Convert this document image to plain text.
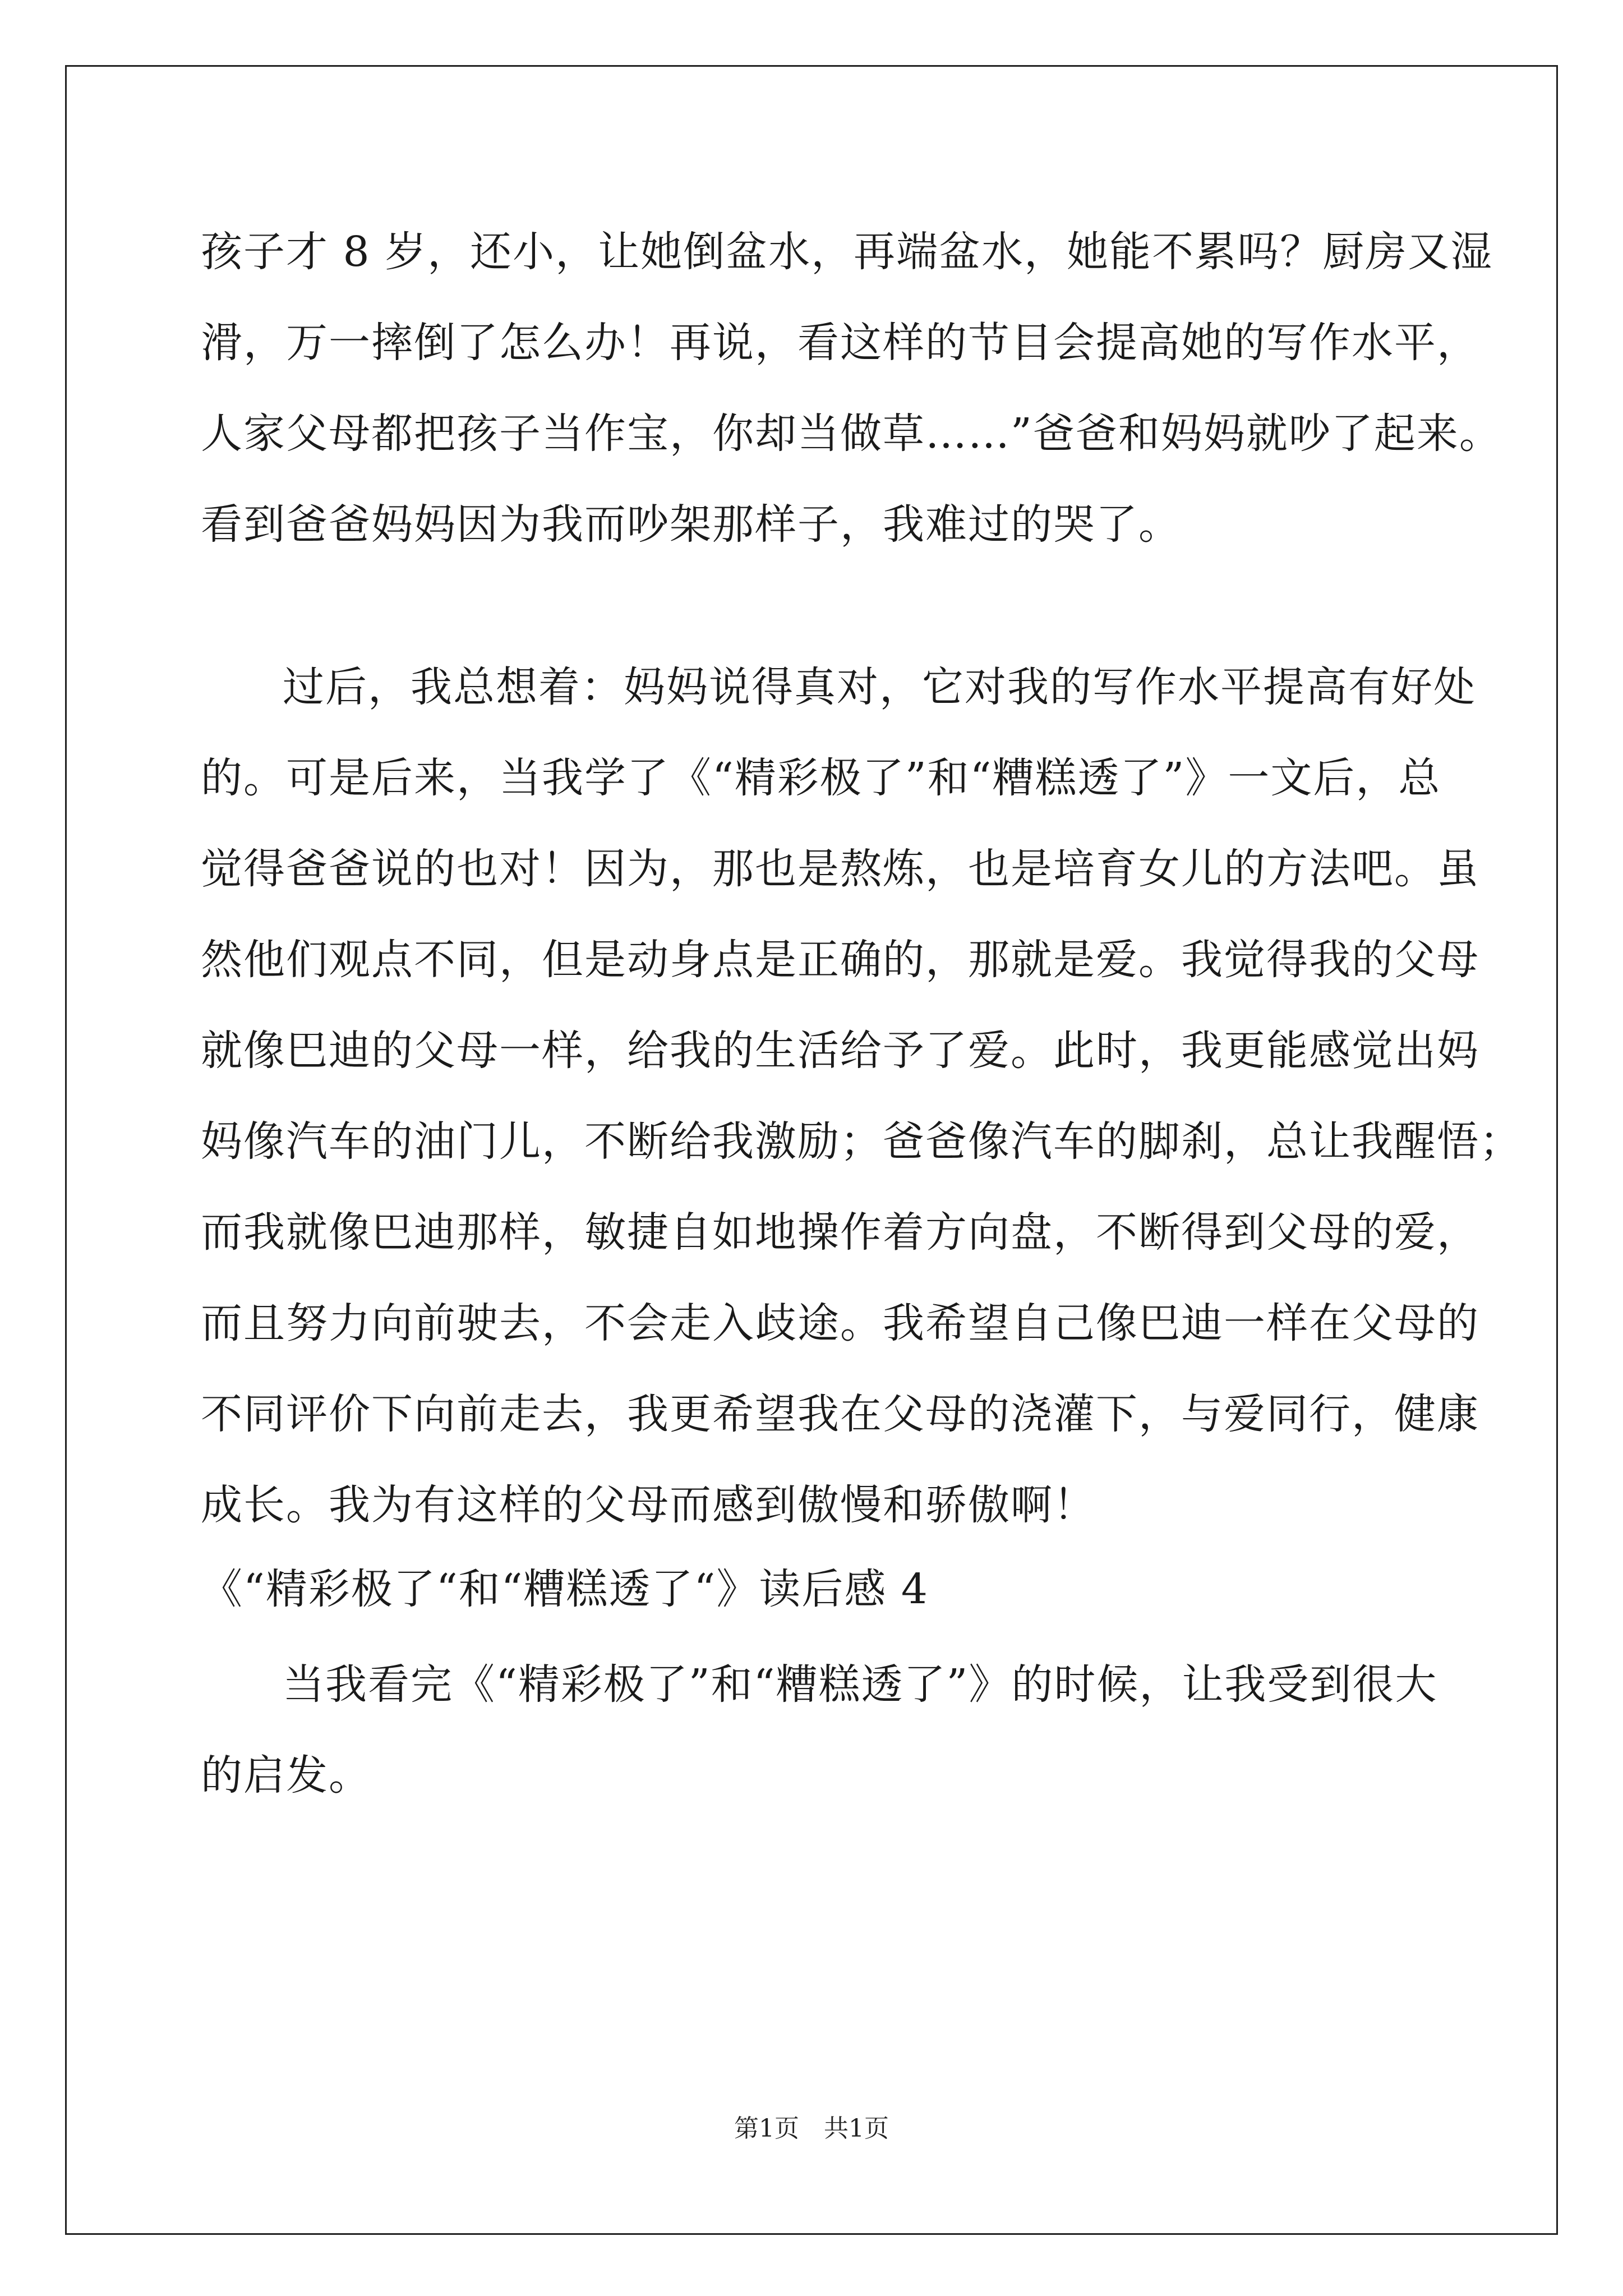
孩子才 8 岁，还小，让她倒盆水，再端盆水，她能不累吗？厨房又湿
滑，万一摔倒了怎么办！再说，看这样的节目会提高她的写作水平，
人家父母都把孩子当作宝，你却当做草……”爸爸和妈妈就吵了起来。
看到爸爸妈妈因为我而吵架那样子，我难过的哭了。
过后，我总想着：妈妈说得真对，它对我的写作水平提高有好处
的。可是后来，当我学了《“精彩极了”和“糟糕透了”》一文后，总
觉得爸爸说的也对！因为，那也是熬炼，也是培育女儿的方法吧。虽
然他们观点不同，但是动身点是正确的，那就是爱。我觉得我的父母
就像巴迪的父母一样，给我的生活给予了爱。此时，我更能感觉出妈
妈像汽车的油门儿，不断给我激励；爸爸像汽车的脚刹，总让我醒悟；
而我就像巴迪那样，敏捷自如地操作着方向盘，不断得到父母的爱，
而且努力向前驶去，不会走入歧途。我希望自己像巴迪一样在父母的
不同评价下向前走去，我更希望我在父母的浇灌下，与爱同行，健康
成长。我为有这样的父母而感到傲慢和骄傲啊！
《“精彩极了“和“糟糕透了“》读后感 4
当我看完《“精彩极了”和“糟糕透了”》的时候，让我受到很大
的启发。
第1页　共1页
